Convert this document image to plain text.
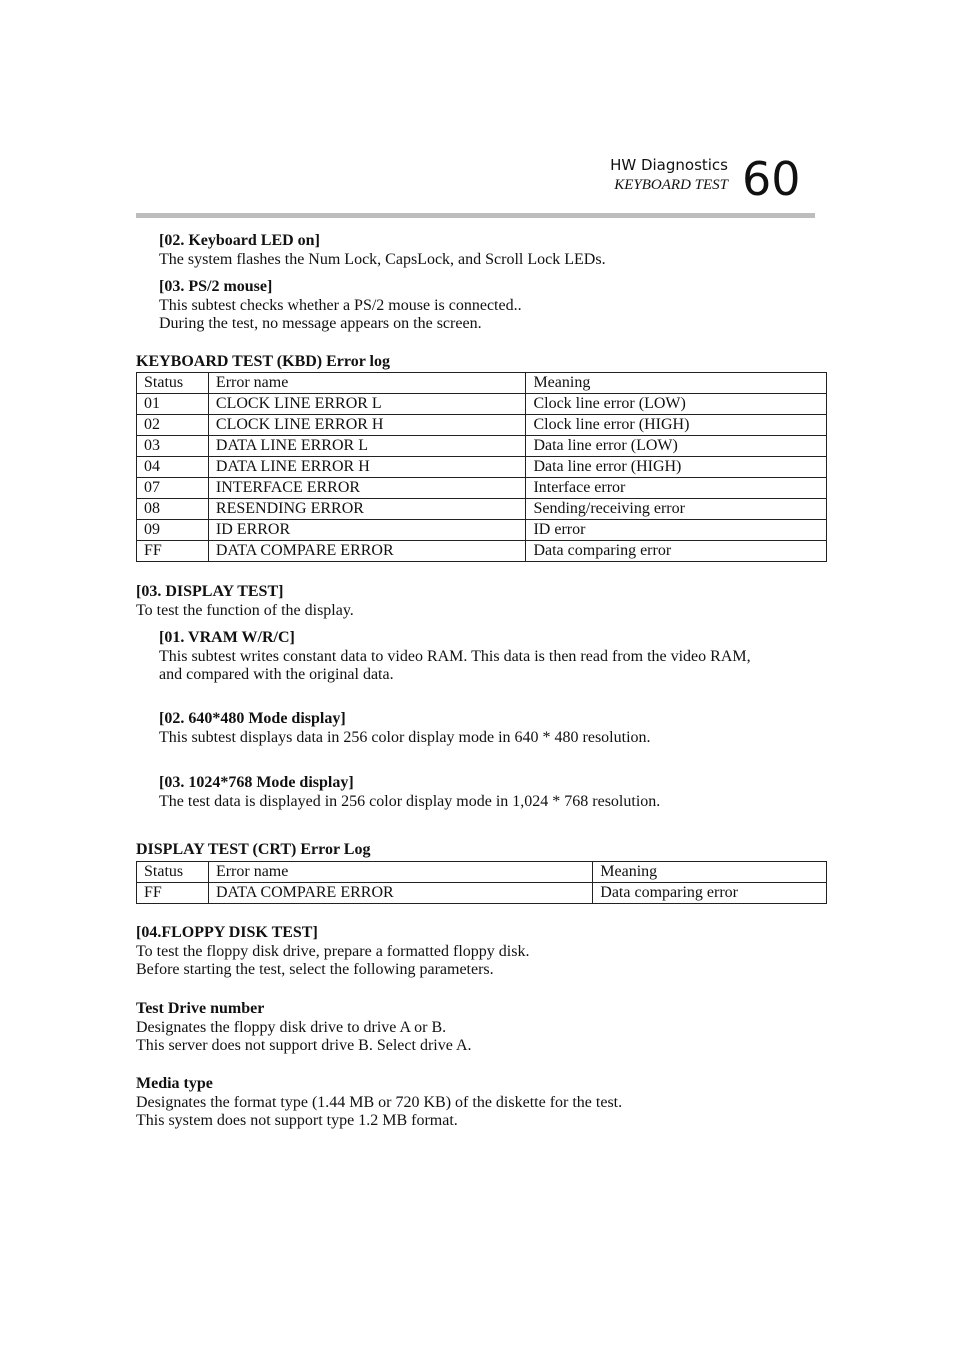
HW Diagnostics
KEYBOARD TEST 60
[02. Keyboard LED on]
The system flashes the Num Lock, CapsLock, and Scroll Lock LEDs.
[03. PS/2 mouse]
This subtest checks whether a PS/2 mouse is connected..
During the test, no message appears on the screen.
KEYBOARD TEST (KBD) Error log
Status	Error name	Meaning
01	CLOCK LINE ERROR L	Clock line error (LOW)
02	CLOCK LINE ERROR H	Clock line error (HIGH)
03	DATA LINE ERROR L	Data line error (LOW)
04	DATA LINE ERROR H	Data line error (HIGH)
07	INTERFACE ERROR	Interface error
08	RESENDING ERROR	Sending/receiving error
09	ID ERROR	ID error
FF	DATA COMPARE ERROR	Data comparing error
[03. DISPLAY TEST]
To test the function of the display.
[01. VRAM W/R/C]
This subtest writes constant data to video RAM. This data is then read from the video RAM,
and compared with the original data.
[02. 640*480 Mode display]
This subtest displays data in 256 color display mode in 640 * 480 resolution.
[03. 1024*768 Mode display]
The test data is displayed in 256 color display mode in 1,024 * 768 resolution.
DISPLAY TEST (CRT) Error Log
Status	Error name	Meaning
FF	DATA COMPARE ERROR	Data comparing error
[04.FLOPPY DISK TEST]
To test the floppy disk drive, prepare a formatted floppy disk.
Before starting the test, select the following parameters.
Test Drive number
Designates the floppy disk drive to drive A or B.
This server does not support drive B. Select drive A.
Media type
Designates the format type (1.44 MB or 720 KB) of the diskette for the test.
This system does not support type 1.2 MB format.
